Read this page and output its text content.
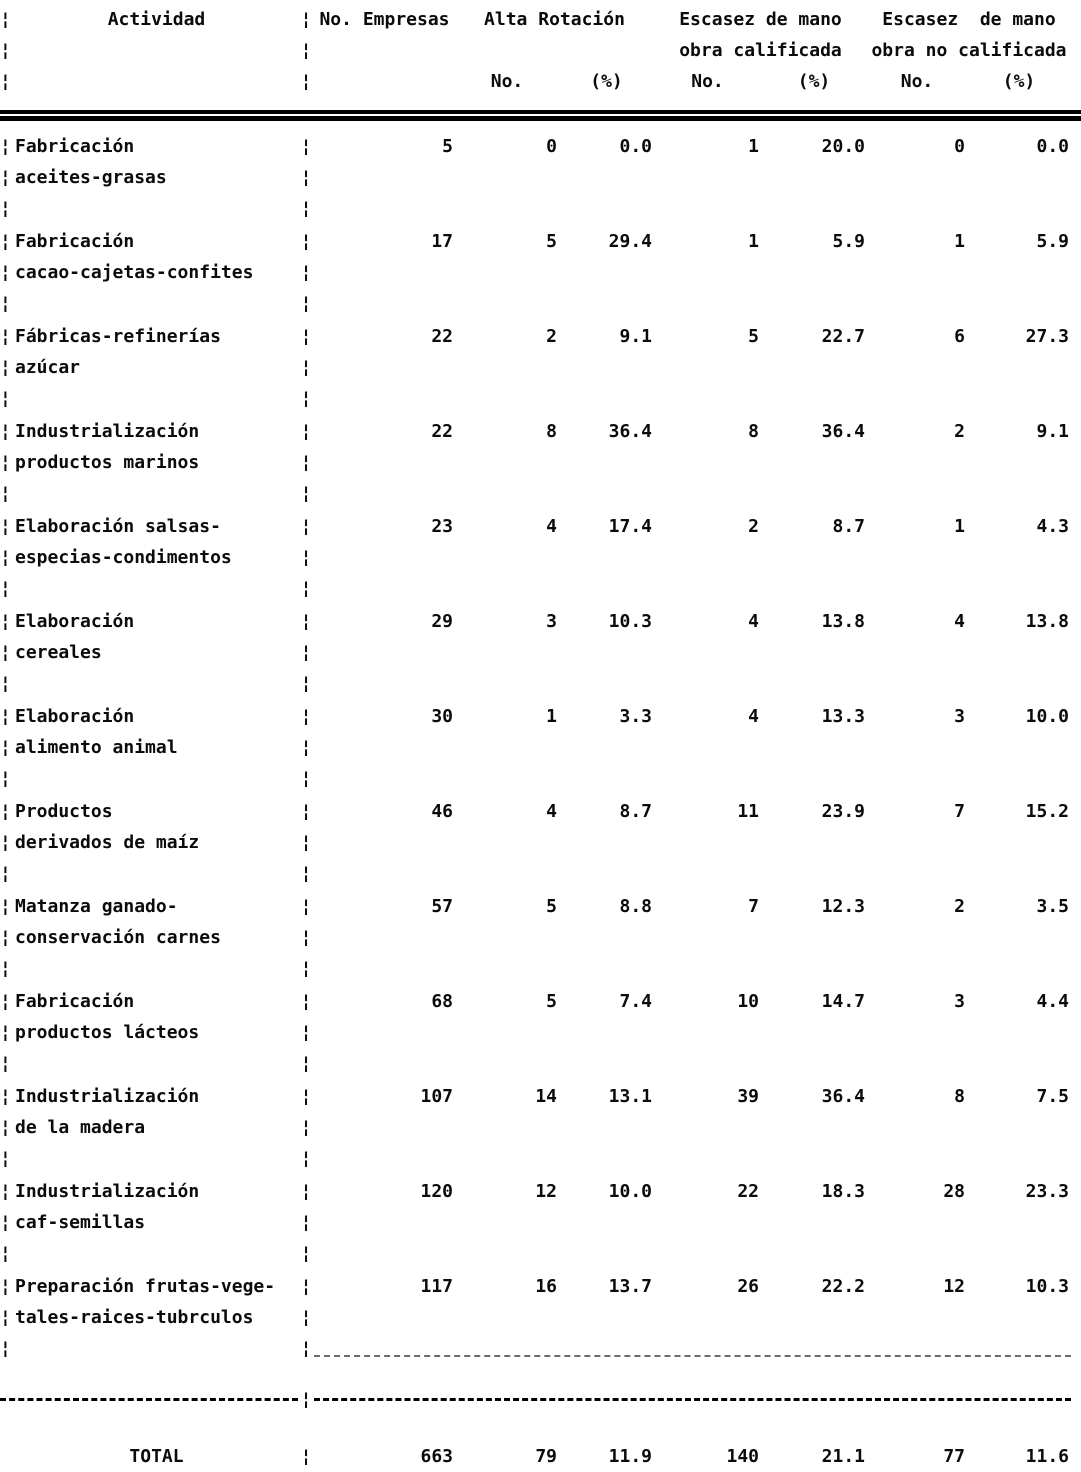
¦	Actividad	¦ No. Empresas	Alta Rotación	Escasez de mano	Escasez  de mano
¦	¦	obra calificada	obra no calificada
¦	¦	No.	(%)	No.	(%)	No.	(%)
¦ Fabricación	¦	5	0	0.0	1	20.0	0	0.0
¦ aceites-grasas	¦
¦	¦
¦ Fabricación	¦	17	5	29.4	1	5.9	1	5.9
¦ cacao-cajetas-confites	¦
¦	¦
¦ Fábricas-refinerías	¦	22	2	9.1	5	22.7	6	27.3
¦ azúcar	¦
¦	¦
¦ Industrialización	¦	22	8	36.4	8	36.4	2	9.1
¦ productos marinos	¦
¦	¦
¦ Elaboración salsas-	¦	23	4	17.4	2	8.7	1	4.3
¦ especias-condimentos	¦
¦	¦
¦ Elaboración	¦	29	3	10.3	4	13.8	4	13.8
¦ cereales	¦
¦	¦
¦ Elaboración	¦	30	1	3.3	4	13.3	3	10.0
¦ alimento animal	¦
¦	¦
¦ Productos	¦	46	4	8.7	11	23.9	7	15.2
¦ derivados de maíz	¦
¦	¦
¦ Matanza ganado-	¦	57	5	8.8	7	12.3	2	3.5
¦ conservación carnes	¦
¦	¦
¦ Fabricación	¦	68	5	7.4	10	14.7	3	4.4
¦ productos lácteos	¦
¦	¦
¦ Industrialización	¦	107	14	13.1	39	36.4	8	7.5
¦ de la madera	¦
¦	¦
¦ Industrialización	¦	120	12	10.0	22	18.3	28	23.3
¦ caf-semillas	¦
¦	¦
¦ Preparación frutas-vege-	¦	117	16	13.7	26	22.2	12	10.3
¦ tales-raices-tubrculos	¦
¦	¦
¦
TOTAL	¦	663	79	11.9	140	21.1	77	11.6
